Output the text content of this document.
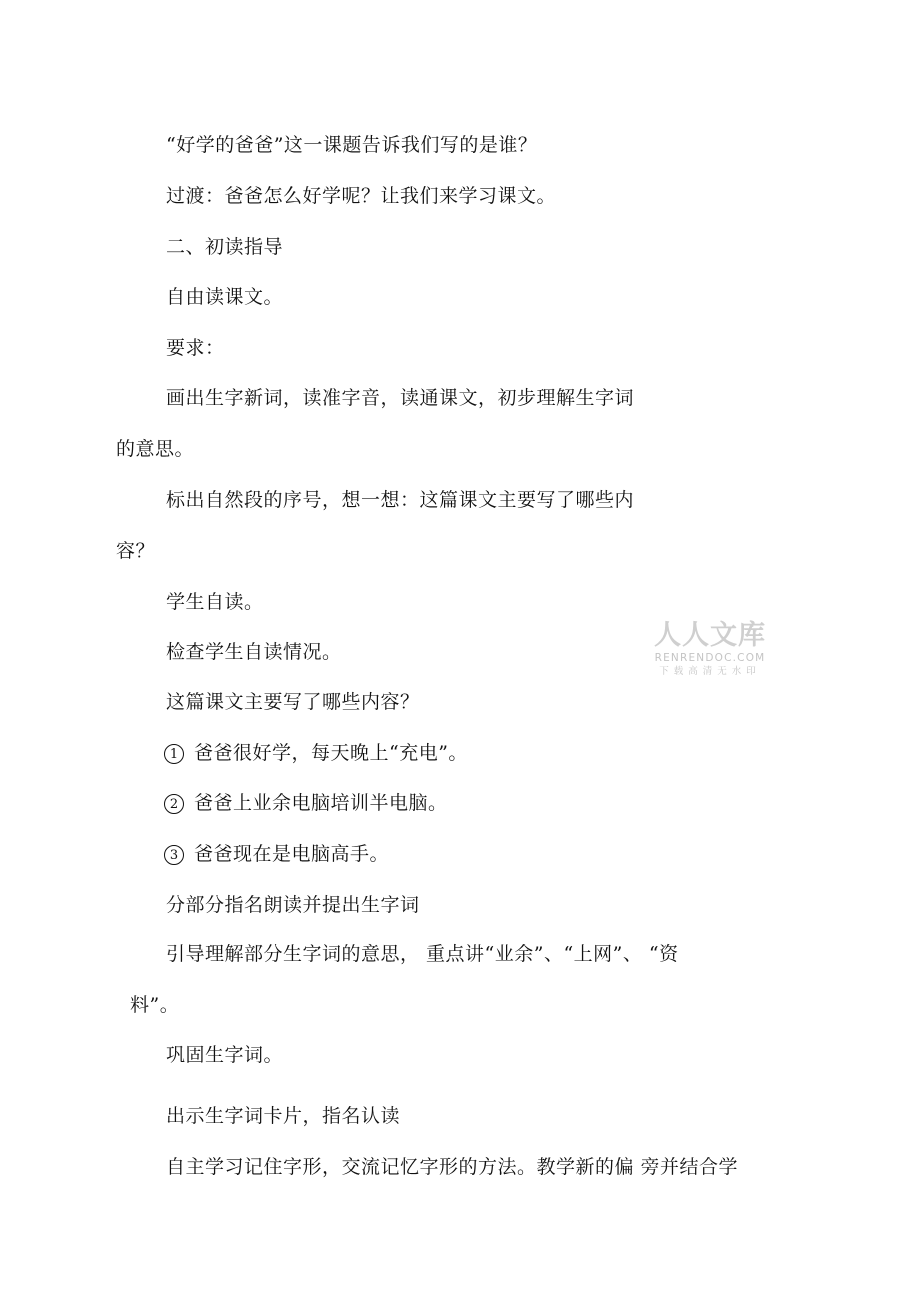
“好学的爸爸”这一课题告诉我们写的是谁？
过渡：爸爸怎么好学呢？让我们来学习课文。
二、初读指导
自由读课文。
要求：
画出生字新词，读准字音，读通课文，初步理解生字词
的意思。
标出自然段的序号，想一想：这篇课文主要写了哪些内
容？
学生自读。
检查学生自读情况。
这篇课文主要写了哪些内容？
1 爸爸很好学，每天晚上“充电”。
2 爸爸上业余电脑培训半电脑。
3 爸爸现在是电脑高手。
分部分指名朗读并提出生字词
引导理解部分生字词的意思， 重点讲“业余”、“上网”、 “资
料”。
巩固生字词。
出示生字词卡片，指名认读
自主学习记住字形，交流记忆字形的方法。教学新的偏 旁并结合学
人人文库
RENRENDOC.COM
下载高清无水印
